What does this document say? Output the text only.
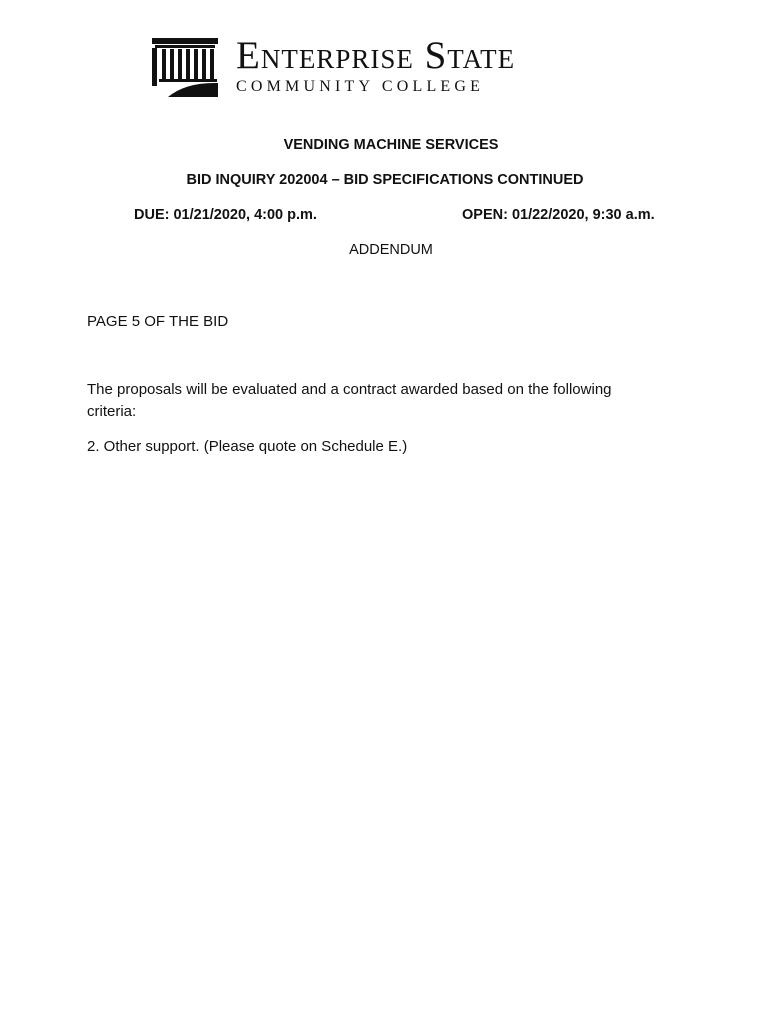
Enterprise State
COMMUNITY COLLEGE
VENDING MACHINE SERVICES
BID INQUIRY 202004 – BID SPECIFICATIONS CONTINUED
DUE: 01/21/2020, 4:00 p.m.	OPEN: 01/22/2020, 9:30 a.m.
ADDENDUM
PAGE 5 OF THE BID
The proposals will be evaluated and a contract awarded based on the following
criteria:
2. Other support. (Please quote on Schedule E.)
